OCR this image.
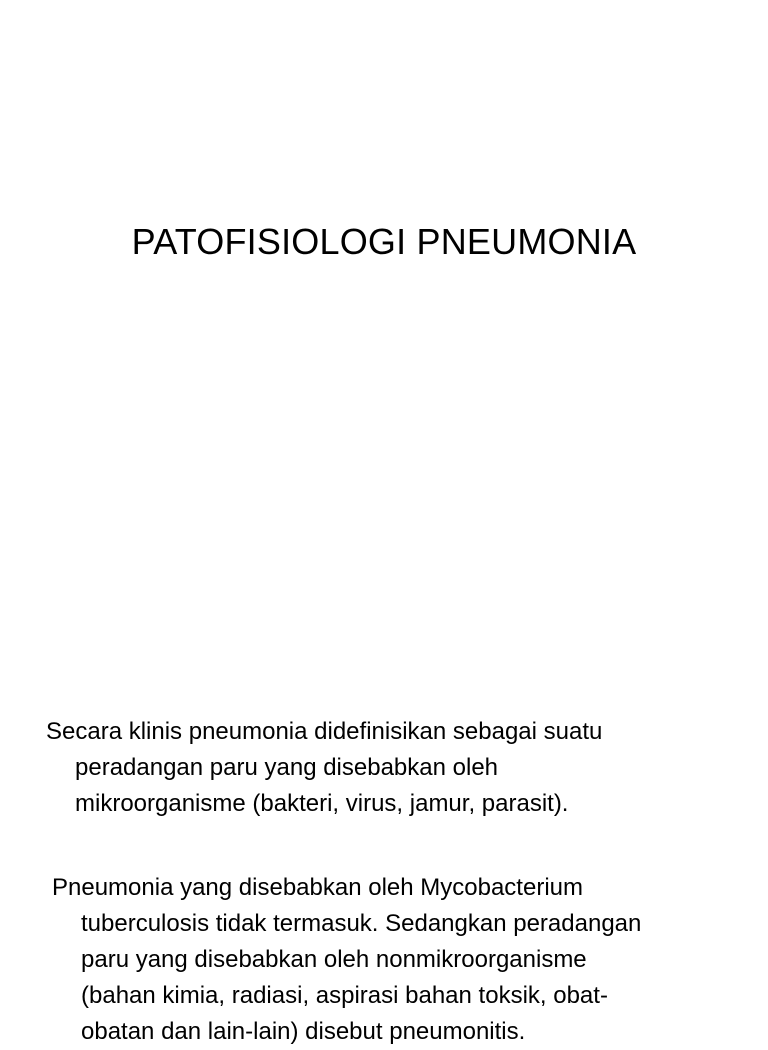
PATOFISIOLOGI PNEUMONIA
Secara klinis pneumonia didefinisikan sebagai suatu
peradangan paru yang disebabkan oleh
mikroorganisme (bakteri, virus, jamur, parasit).
Pneumonia yang disebabkan oleh Mycobacterium
tuberculosis tidak termasuk. Sedangkan peradangan
paru yang disebabkan oleh nonmikroorganisme
(bahan kimia, radiasi, aspirasi bahan toksik, obat-
obatan dan lain-lain) disebut pneumonitis.
